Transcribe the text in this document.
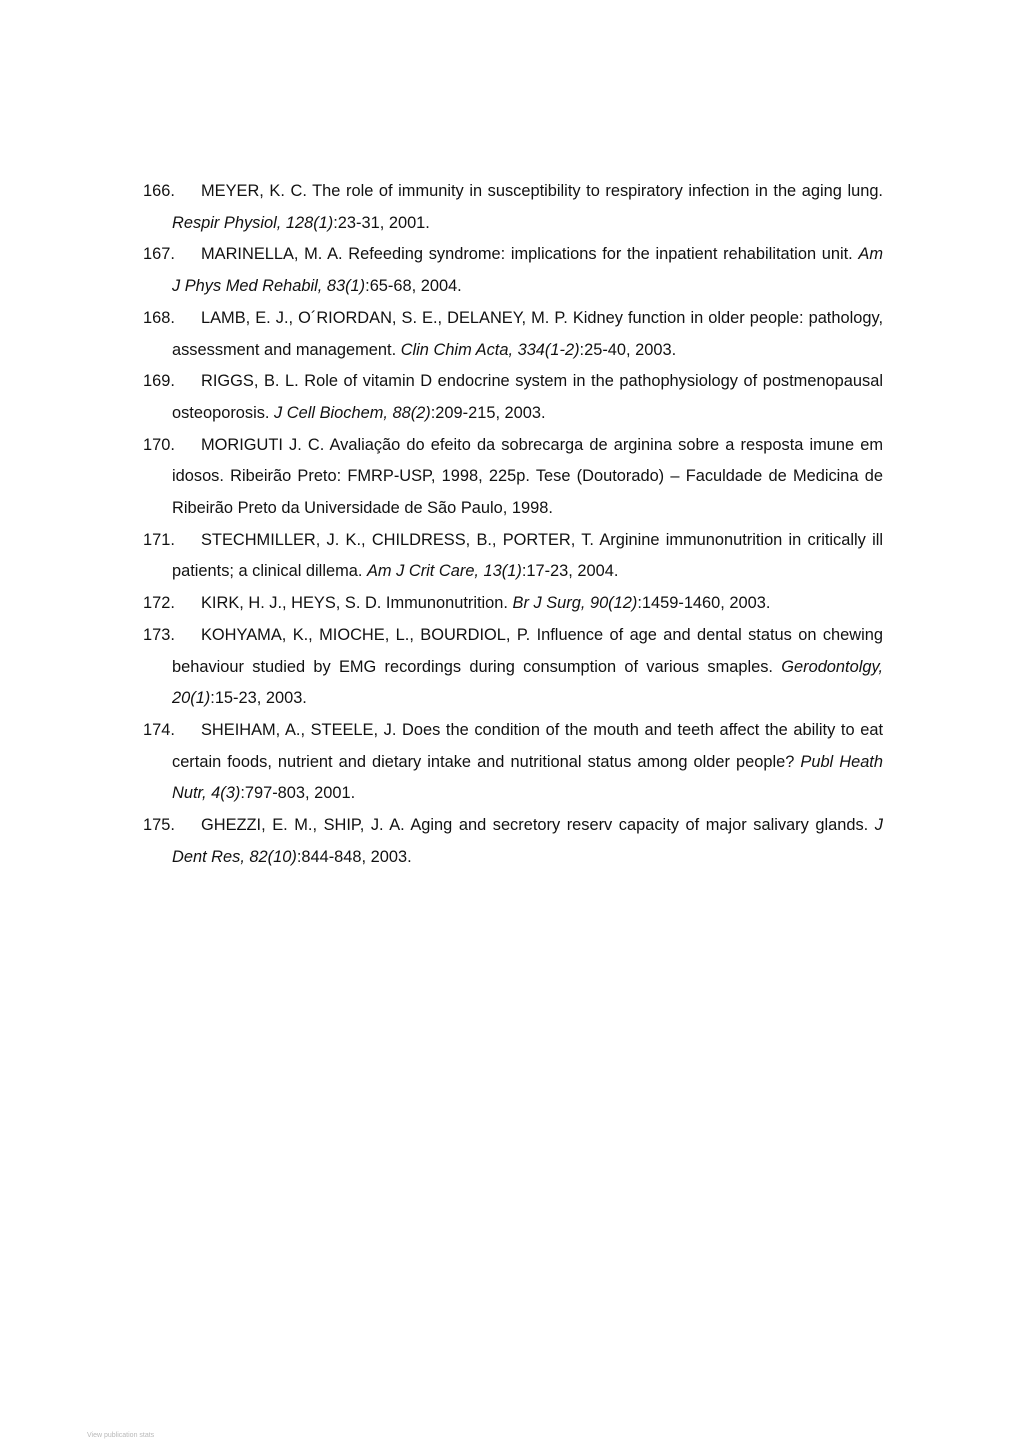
166. MEYER, K. C. The role of immunity in susceptibility to respiratory infection in the aging lung. Respir Physiol, 128(1):23-31, 2001.
167. MARINELLA, M. A. Refeeding syndrome: implications for the inpatient rehabilitation unit. Am J Phys Med Rehabil, 83(1):65-68, 2004.
168. LAMB, E. J., O´RIORDAN, S. E., DELANEY, M. P. Kidney function in older people: pathology, assessment and management. Clin Chim Acta, 334(1-2):25-40, 2003.
169. RIGGS, B. L. Role of vitamin D endocrine system in the pathophysiology of postmenopausal osteoporosis. J Cell Biochem, 88(2):209-215, 2003.
170. MORIGUTI J. C. Avaliação do efeito da sobrecarga de arginina sobre a resposta imune em idosos. Ribeirão Preto: FMRP-USP, 1998, 225p. Tese (Doutorado) – Faculdade de Medicina de Ribeirão Preto da Universidade de São Paulo, 1998.
171. STECHMILLER, J. K., CHILDRESS, B., PORTER, T. Arginine immunonutrition in critically ill patients; a clinical dillema. Am J Crit Care, 13(1):17-23, 2004.
172. KIRK, H. J., HEYS, S. D. Immunonutrition. Br J Surg, 90(12):1459-1460, 2003.
173. KOHYAMA, K., MIOCHE, L., BOURDIOL, P. Influence of age and dental status on chewing behaviour studied by EMG recordings during consumption of various smaples. Gerodontolgy, 20(1):15-23, 2003.
174. SHEIHAM, A., STEELE, J. Does the condition of the mouth and teeth affect the ability to eat certain foods, nutrient and dietary intake and nutritional status among older people? Publ Heath Nutr, 4(3):797-803, 2001.
175. GHEZZI, E. M., SHIP, J. A. Aging and secretory reserv capacity of major salivary glands. J Dent Res, 82(10):844-848, 2003.
View publication stats
